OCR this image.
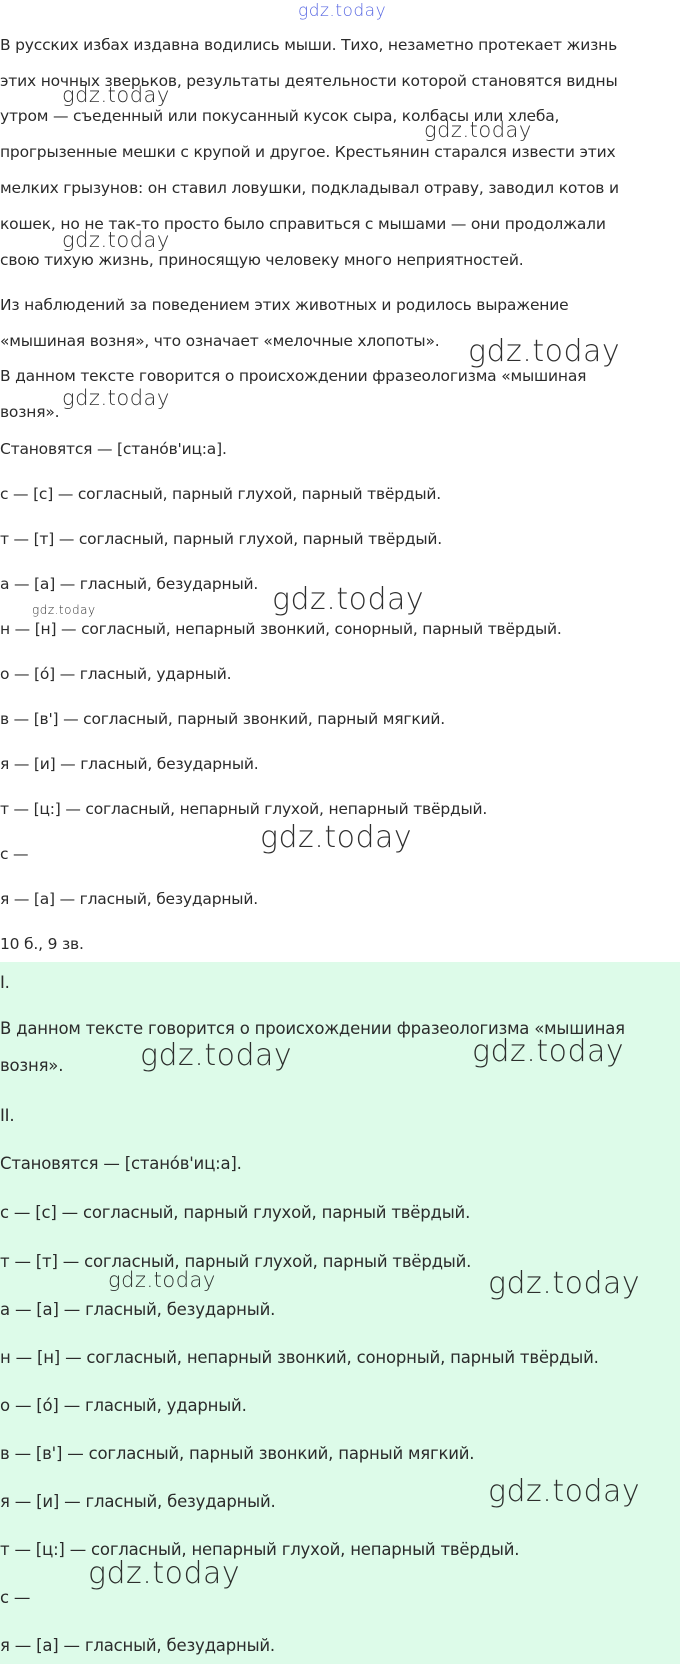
В русских избах издавна водились мыши. Тихо, незаметно протекает жизнь

этих ночных зверьков, результаты деятельности которой становятся видны

утром — съеденный или покусанный кусок сыра, колбасы или хлеба,

прогрызенные мешки с крупой и другое. Крестьянин старался извести этих

мелких грызунов: он ставил ловушки, подкладывал отраву, заводил котов и

кошек, но не так-то просто было справиться с мышами — они продолжали

свою тихую жизнь, приносящую человеку много неприятностей.

Из наблюдений за поведением этих животных и родилось выражение

«мышиная возня», что означает «мелочные хлопоты».

В данном тексте говорится о происхождении фразеологизма «мышиная

возня».

Становятся — [стано́в'иц:а].

с — [с] — согласный, парный глухой, парный твёрдый.

т — [т] — согласный, парный глухой, парный твёрдый.

а — [а] — гласный, безударный.

н — [н] — согласный, непарный звонкий, сонорный, парный твёрдый.

о — [о́] — гласный, ударный.

в — [в'] — согласный, парный звонкий, парный мягкий.

я — [и] — гласный, безударный.

т — [ц:] — согласный, непарный глухой, непарный твёрдый.

с —

я — [а] — гласный, безударный.

10 б., 9 зв.

I.

В данном тексте говорится о происхождении фразеологизма «мышиная

возня».

II.

Становятся — [стано́в'иц:а].

с — [с] — согласный, парный глухой, парный твёрдый.

т — [т] — согласный, парный глухой, парный твёрдый.

а — [а] — гласный, безударный.

н — [н] — согласный, непарный звонкий, сонорный, парный твёрдый.

о — [о́] — гласный, ударный.

в — [в'] — согласный, парный звонкий, парный мягкий.

я — [и] — гласный, безударный.

т — [ц:] — согласный, непарный глухой, непарный твёрдый.

с —

я — [а] — гласный, безударный.

gdz.today
gdz.today
gdz.today
gdz.today
gdz.today
gdz.today
gdz.today	gdz.today
gdz.today
gdz.today	gdz.today
gdz.today	gdz.today
gdz.today
gdz.today
